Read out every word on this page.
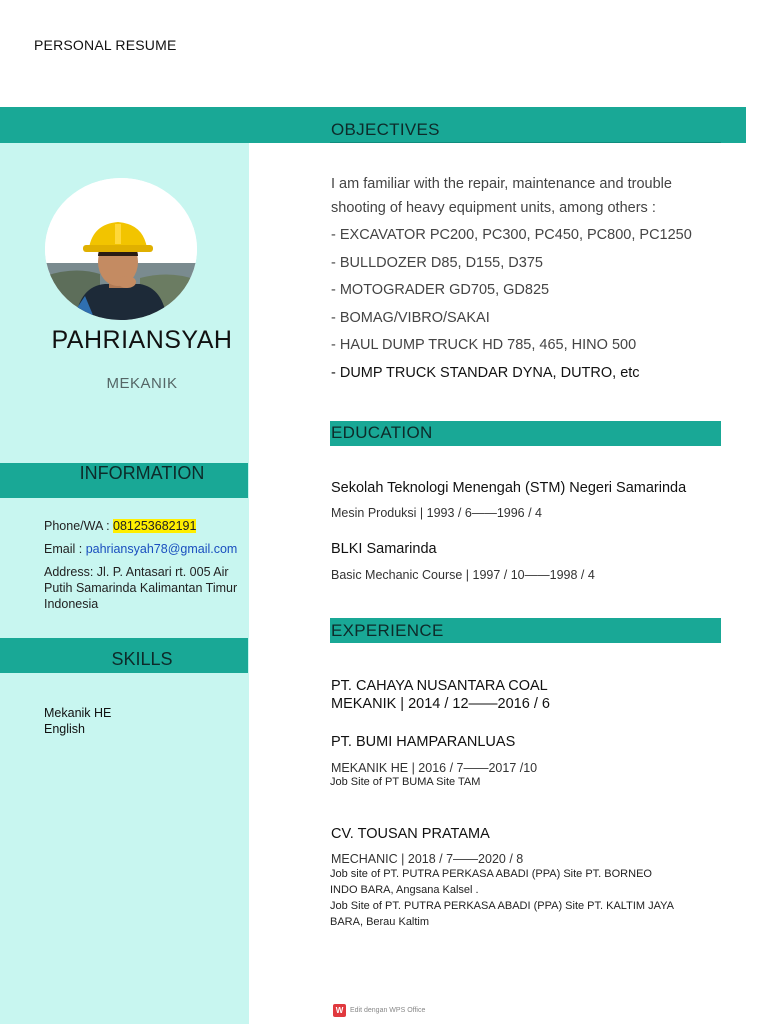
PERSONAL RESUME
OBJECTIVES
PAHRIANSYAH
MEKANIK
INFORMATION
Phone/WA : 081253682191
Email : pahriansyah78@gmail.com
Address: Jl. P. Antasari rt. 005 Air
Putih Samarinda Kalimantan Timur
Indonesia
SKILLS
Mekanik HE
English
I am familiar with the repair, maintenance and trouble
shooting of heavy equipment units, among others :
- EXCAVATOR PC200, PC300, PC450, PC800, PC1250
- BULLDOZER D85, D155, D375
- MOTOGRADER GD705, GD825
- BOMAG/VIBRO/SAKAI
- HAUL DUMP TRUCK HD 785, 465, HINO 500
- DUMP TRUCK STANDAR DYNA, DUTRO, etc
EDUCATION
Sekolah Teknologi Menengah (STM) Negeri Samarinda
Mesin Produksi | 1993 / 6——1996 / 4
BLKI Samarinda
Basic Mechanic Course | 1997 / 10——1998 / 4
EXPERIENCE
PT. CAHAYA NUSANTARA COAL
MEKANIK | 2014 / 12——2016 / 6
PT. BUMI HAMPARANLUAS
MEKANIK HE | 2016 / 7——2017 /10
Job Site of PT BUMA Site TAM
CV. TOUSAN PRATAMA
MECHANIC | 2018 / 7——2020 / 8
Job site of PT. PUTRA PERKASA ABADI (PPA) Site PT. BORNEO
INDO BARA, Angsana Kalsel .
Job Site of PT. PUTRA PERKASA ABADI (PPA) Site PT. KALTIM JAYA
BARA, Berau Kaltim
W Edit dengan WPS Office
